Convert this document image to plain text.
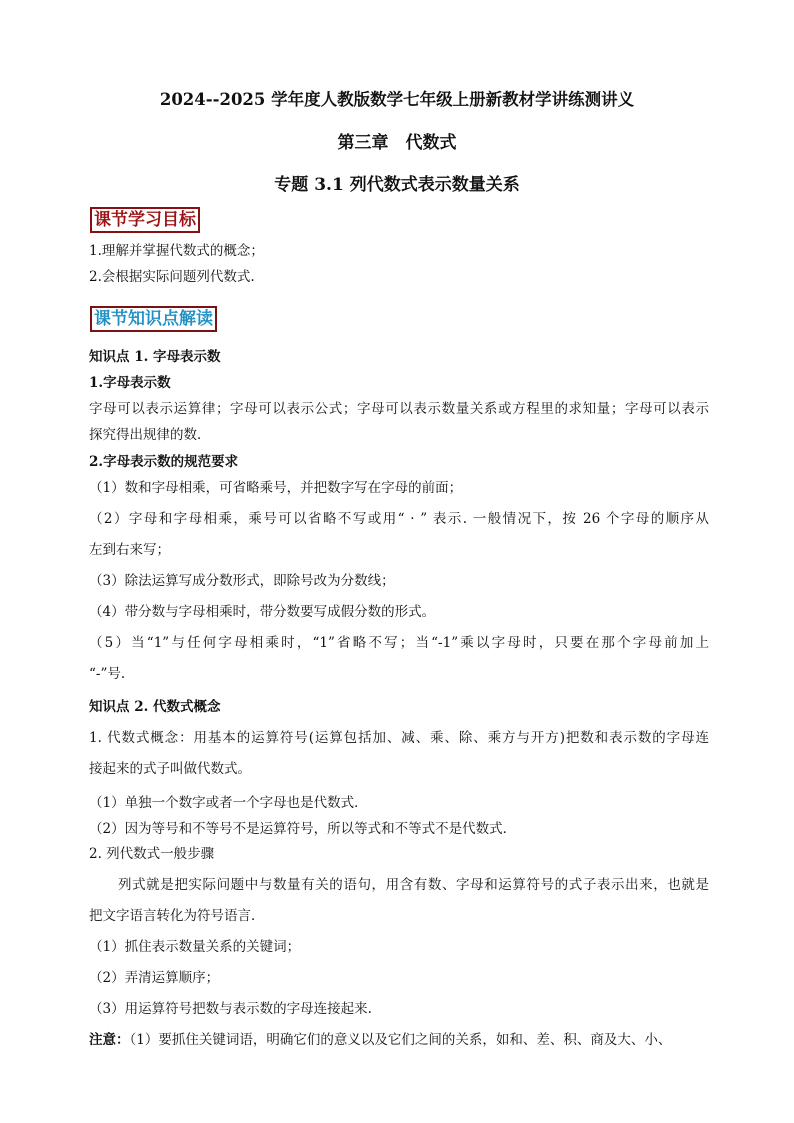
2024--2025 学年度人教版数学七年级上册新教材学讲练测讲义
第三章　代数式
专题 3.1 列代数式表示数量关系
课节学习目标
1.理解并掌握代数式的概念；
2.会根据实际问题列代数式.
课节知识点解读
知识点 1. 字母表示数
1.字母表示数
字母可以表示运算律；字母可以表示公式；字母可以表示数量关系或方程里的求知量；字母可以表示
探究得出规律的数．
2.字母表示数的规范要求
（1）数和字母相乘，可省略乘号，并把数字写在字母的前面；
（2）字母和字母相乘，乘号可以省略不写或用“ · ” 表示. 一般情况下，按 26 个字母的顺序从
左到右来写；
（3）除法运算写成分数形式，即除号改为分数线；
（4）带分数与字母相乘时，带分数要写成假分数的形式。
（5）当“1”与任何字母相乘时，“1”省略不写；当“-1”乘以字母时，只要在那个字母前加上
“-”号.
知识点 2. 代数式概念
1. 代数式概念：用基本的运算符号(运算包括加、减、乘、除、乘方与开方)把数和表示数的字母连
接起来的式子叫做代数式。
（1）单独一个数字或者一个字母也是代数式．
（2）因为等号和不等号不是运算符号，所以等式和不等式不是代数式．
2. 列代数式一般步骤
列式就是把实际问题中与数量有关的语句，用含有数、字母和运算符号的式子表示出来，也就是
把文字语言转化为符号语言．
（1）抓住表示数量关系的关键词；
（2）弄清运算顺序；
（3）用运算符号把数与表示数的字母连接起来.
注意：（1）要抓住关键词语，明确它们的意义以及它们之间的关系，如和、差、积、商及大、小、
